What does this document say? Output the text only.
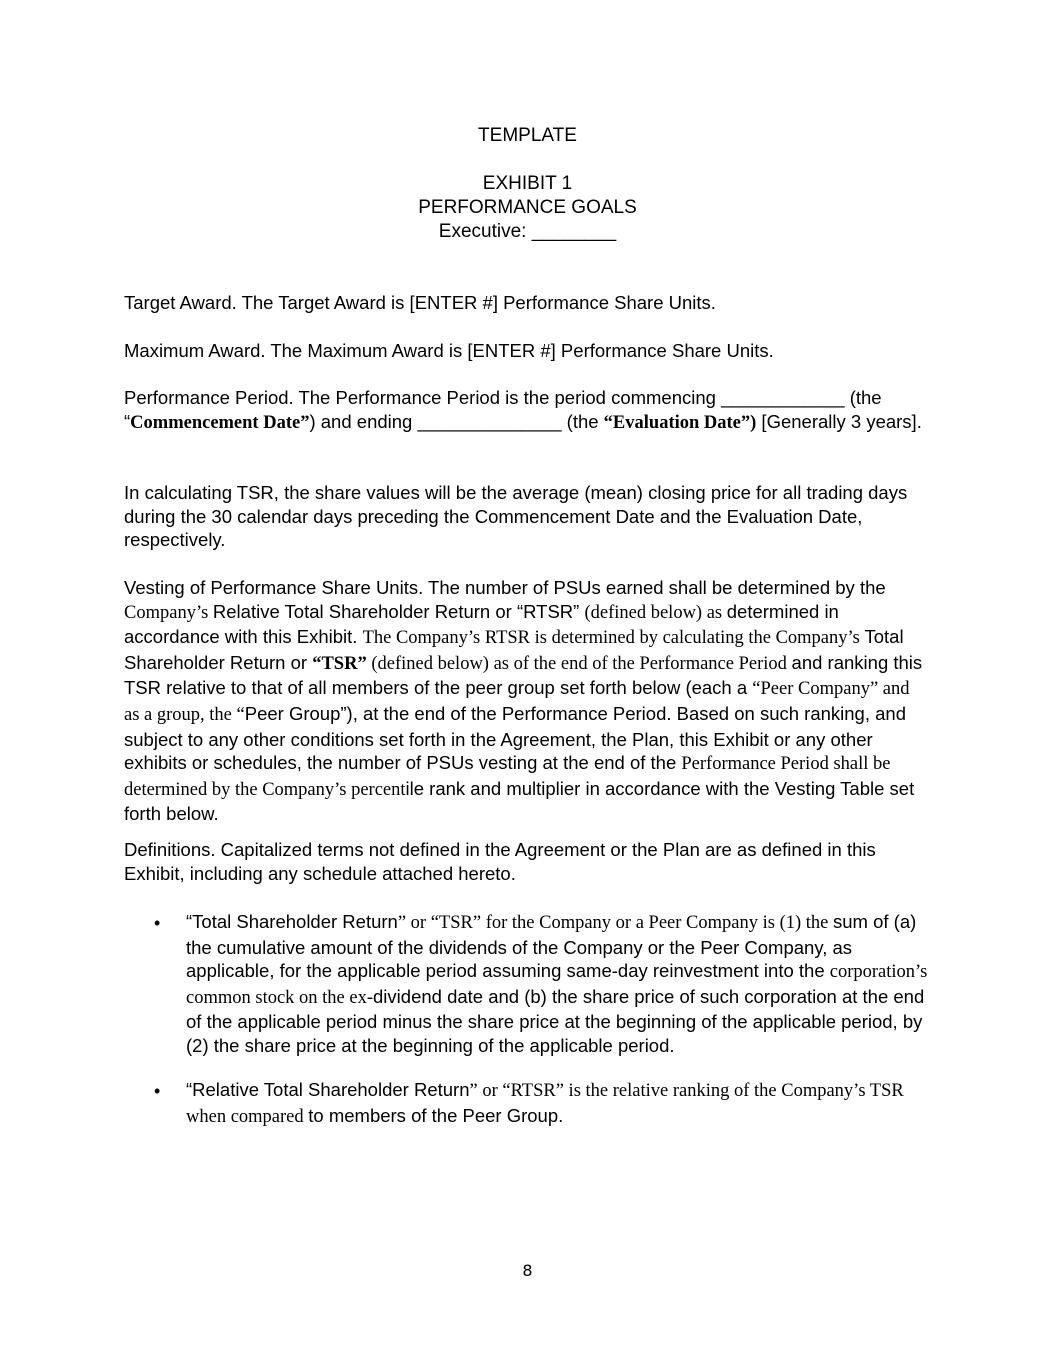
TEMPLATE
EXHIBIT 1
PERFORMANCE GOALS
Executive: ________

Target Award. The Target Award is [ENTER #] Performance Share Units.

Maximum Award. The Maximum Award is [ENTER #] Performance Share Units.

Performance Period. The Performance Period is the period commencing ____________ (the “Commencement Date”) and ending ______________ (the “Evaluation Date”) [Generally 3 years].

In calculating TSR, the share values will be the average (mean) closing price for all trading days during the 30 calendar days preceding the Commencement Date and the Evaluation Date, respectively.

Vesting of Performance Share Units. The number of PSUs earned shall be determined by the Company’s Relative Total Shareholder Return or “RTSR” (defined below) as determined in accordance with this Exhibit. The Company’s RTSR is determined by calculating the Company’s Total Shareholder Return or “TSR” (defined below) as of the end of the Performance Period and ranking this TSR relative to that of all members of the peer group set forth below (each a “Peer Company” and as a group, the “Peer Group”), at the end of the Performance Period. Based on such ranking, and subject to any other conditions set forth in the Agreement, the Plan, this Exhibit or any other exhibits or schedules, the number of PSUs vesting at the end of the Performance Period shall be determined by the Company’s percentile rank and multiplier in accordance with the Vesting Table set forth below.

Definitions. Capitalized terms not defined in the Agreement or the Plan are as defined in this Exhibit, including any schedule attached hereto.

• “Total Shareholder Return” or “TSR” for the Company or a Peer Company is (1) the sum of (a) the cumulative amount of the dividends of the Company or the Peer Company, as applicable, for the applicable period assuming same-day reinvestment into the corporation’s common stock on the ex-dividend date and (b) the share price of such corporation at the end of the applicable period minus the share price at the beginning of the applicable period, by (2) the share price at the beginning of the applicable period.

• “Relative Total Shareholder Return” or “RTSR” is the relative ranking of the Company’s TSR when compared to members of the Peer Group.

8
